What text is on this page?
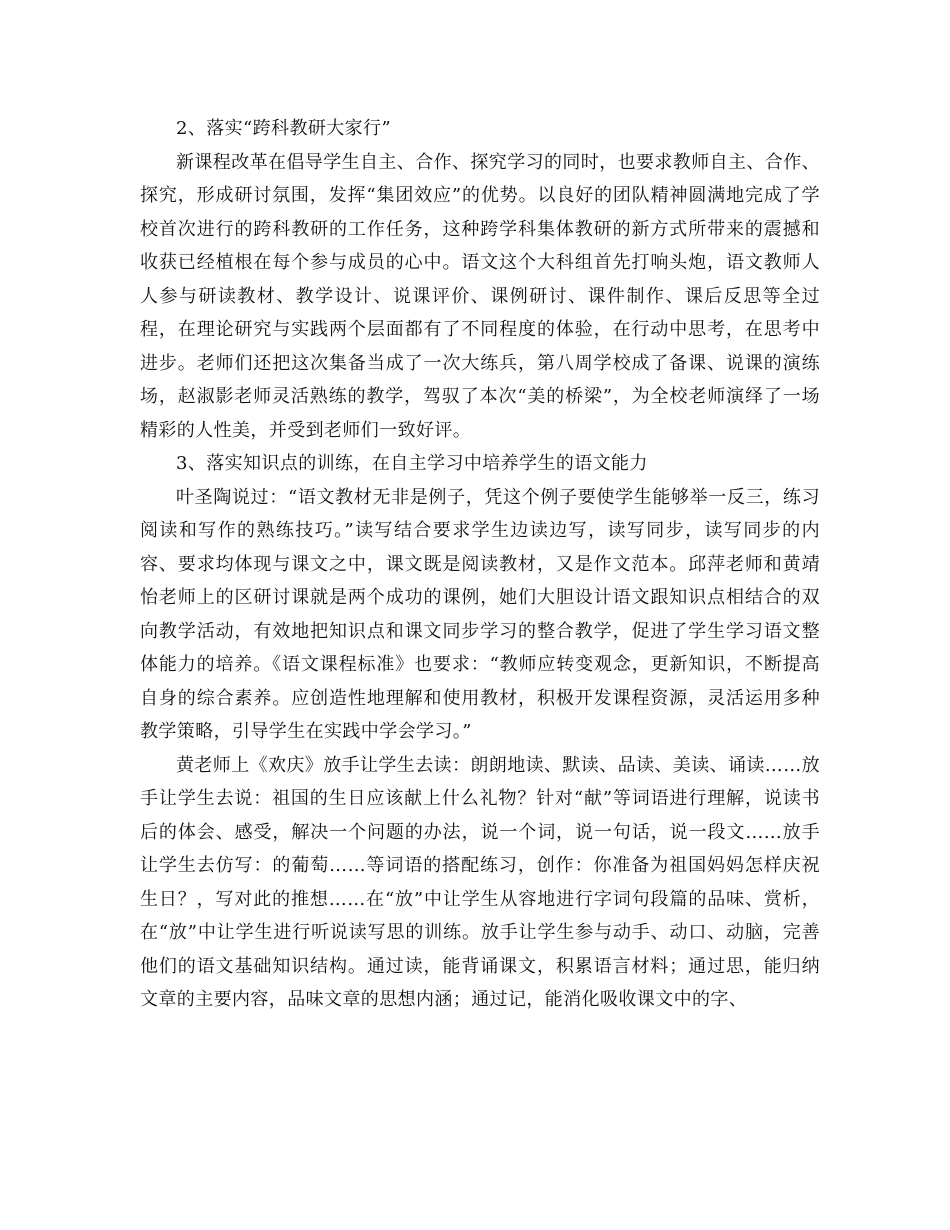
2、落实“跨科教研大家行”

新课程改革在倡导学生自主、合作、探究学习的同时，也要求教师自主、合作、探究，形成研讨氛围，发挥“集团效应”的优势。以良好的团队精神圆满地完成了学校首次进行的跨科教研的工作任务，这种跨学科集体教研的新方式所带来的震撼和收获已经植根在每个参与成员的心中。语文这个大科组首先打响头炮，语文教师人人参与研读教材、教学设计、说课评价、课例研讨、课件制作、课后反思等全过程，在理论研究与实践两个层面都有了不同程度的体验，在行动中思考，在思考中进步。老师们还把这次集备当成了一次大练兵，第八周学校成了备课、说课的演练场，赵淑影老师灵活熟练的教学，驾驭了本次“美的桥梁”，为全校老师演绎了一场精彩的人性美，并受到老师们一致好评。

3、落实知识点的训练，在自主学习中培养学生的语文能力

叶圣陶说过：“语文教材无非是例子，凭这个例子要使学生能够举一反三，练习阅读和写作的熟练技巧。”读写结合要求学生边读边写，读写同步，读写同步的内容、要求均体现与课文之中，课文既是阅读教材，又是作文范本。邱萍老师和黄靖怡老师上的区研讨课就是两个成功的课例，她们大胆设计语文跟知识点相结合的双向教学活动，有效地把知识点和课文同步学习的整合教学，促进了学生学习语文整体能力的培养。《语文课程标准》也要求：“教师应转变观念，更新知识，不断提高自身的综合素养。应创造性地理解和使用教材，积极开发课程资源，灵活运用多种教学策略，引导学生在实践中学会学习。”

黄老师上《欢庆》放手让学生去读：朗朗地读、默读、品读、美读、诵读……放手让学生去说：祖国的生日应该献上什么礼物？针对“献”等词语进行理解，说读书后的体会、感受，解决一个问题的办法，说一个词，说一句话，说一段文……放手让学生去仿写：的葡萄……等词语的搭配练习，创作：你准备为祖国妈妈怎样庆祝生日？，写对此的推想……在“放”中让学生从容地进行字词句段篇的品味、赏析，在“放”中让学生进行听说读写思的训练。放手让学生参与动手、动口、动脑，完善他们的语文基础知识结构。通过读，能背诵课文，积累语言材料；通过思，能归纳文章的主要内容，品味文章的思想内涵；通过记，能消化吸收课文中的字、
